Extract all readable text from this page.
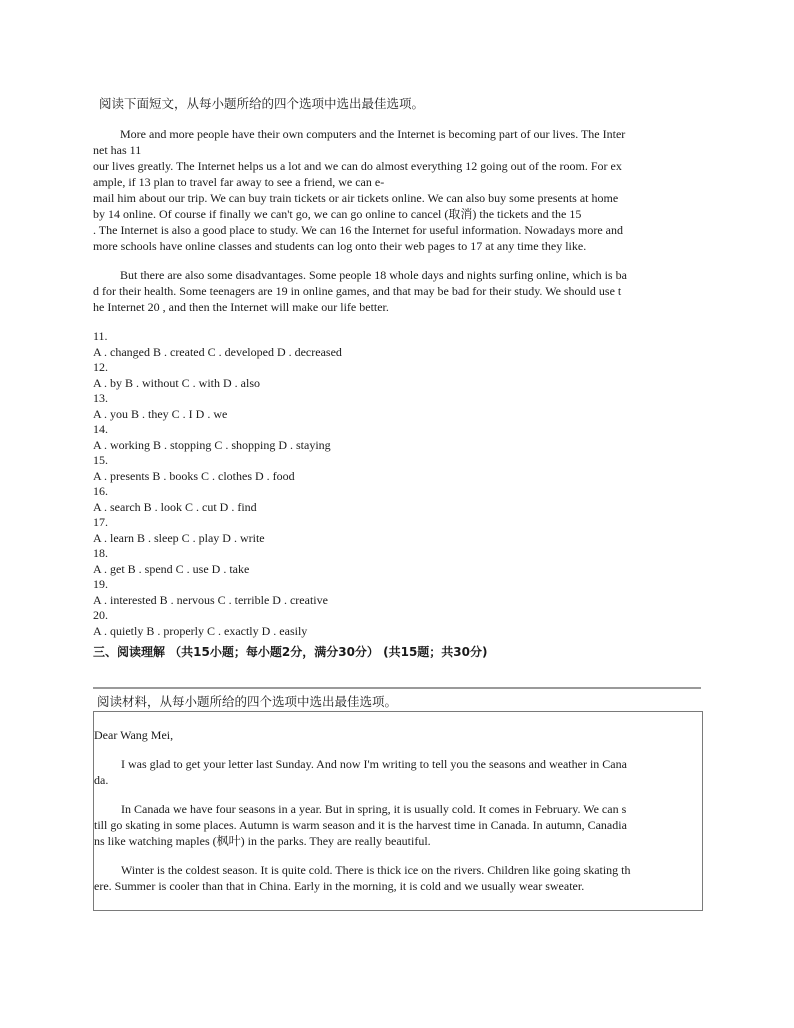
阅读下面短文，从每小题所给的四个选项中选出最佳选项。

More and more people have their own computers and the Internet is becoming part of our lives. The Inter

net has 11

our lives greatly. The Internet helps us a lot and we can do almost everything 12 going out of the room. For ex

ample, if 13 plan to travel far away to see a friend, we can e-

mail him about our trip. We can buy train tickets or air tickets online. We can also buy some presents at home

by 14 online. Of course if finally we can't go, we can go online to cancel (取消) the tickets and the 15

. The Internet is also a good place to study. We can 16 the Internet for useful information. Nowadays more and

more schools have online classes and students can log onto their web pages to 17 at any time they like.

But there are also some disadvantages. Some people 18 whole days and nights surfing online, which is ba

d for their health. Some teenagers are 19 in online games, and that may be bad for their study. We should use t

he Internet 20 , and then the Internet will make our life better.

11.
A . changed B . created C . developed D . decreased
12.
A . by B . without C . with D . also
13.
A . you B . they C . I D . we
14.
A . working B . stopping C . shopping D . staying
15.
A . presents B . books C . clothes D . food
16.
A . search B . look C . cut D . find
17.
A . learn B . sleep C . play D . write
18.
A . get B . spend C . use D . take
19.
A . interested B . nervous C . terrible D . creative
20.
A . quietly B . properly C . exactly D . easily
三、阅读理解 （共15小题；每小题2分，满分30分） (共15题；共30分)
阅读材料，从每小题所给的四个选项中选出最佳选项。

Dear Wang Mei,

I was glad to get your letter last Sunday. And now I'm writing to tell you the seasons and weather in Cana

da.

In Canada we have four seasons in a year. But in spring, it is usually cold. It comes in February. We can s

till go skating in some places. Autumn is warm season and it is the harvest time in Canada. In autumn, Canadia

ns like watching maples (枫叶) in the parks. They are really beautiful.

Winter is the coldest season. It is quite cold. There is thick ice on the rivers. Children like going skating th

ere. Summer is cooler than that in China. Early in the morning, it is cold and we usually wear sweater.
